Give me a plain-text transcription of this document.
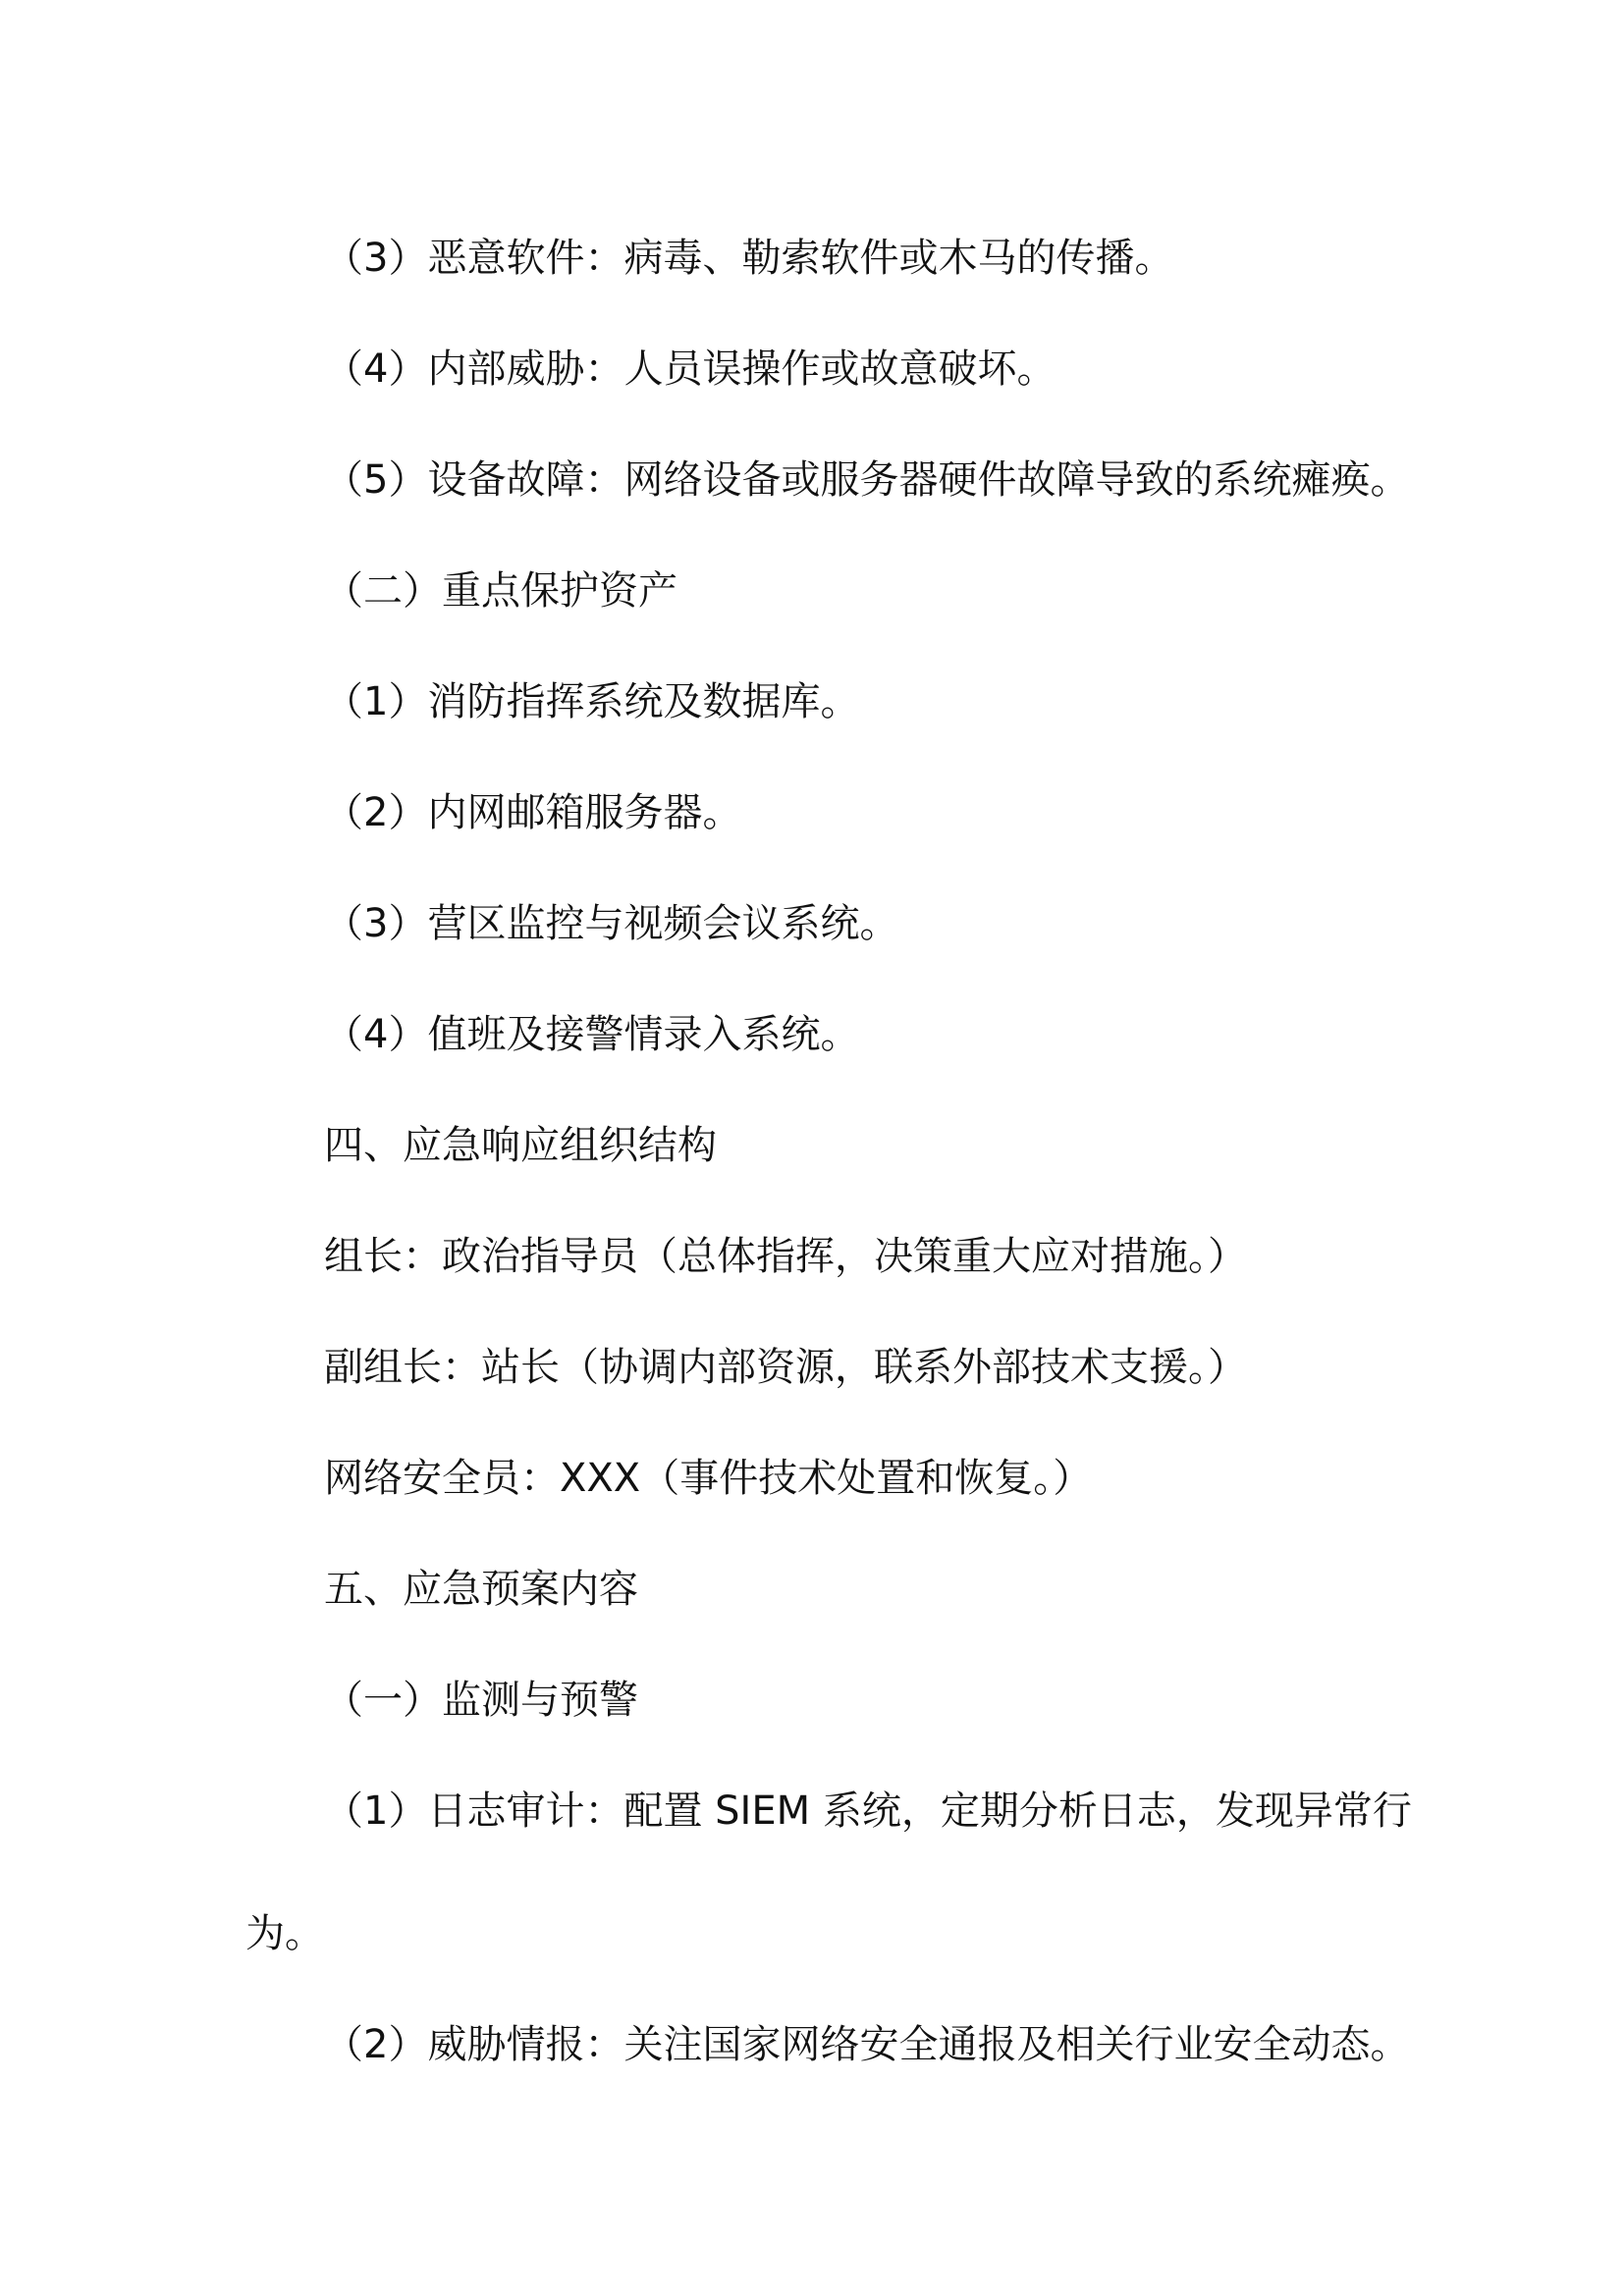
（3）恶意软件：病毒、勒索软件或木马的传播。
（4）内部威胁：人员误操作或故意破坏。
（5）设备故障：网络设备或服务器硬件故障导致的系统瘫痪。
（二）重点保护资产
（1）消防指挥系统及数据库。
（2）内网邮箱服务器。
（3）营区监控与视频会议系统。
（4）值班及接警情录入系统。
四、应急响应组织结构
组长：政治指导员（总体指挥，决策重大应对措施。）
副组长：站长（协调内部资源，联系外部技术支援。）
网络安全员：XXX（事件技术处置和恢复。）
五、应急预案内容
（一）监测与预警
（1）日志审计：配置 SIEM 系统，定期分析日志，发现异常行
为。
（2）威胁情报：关注国家网络安全通报及相关行业安全动态。
